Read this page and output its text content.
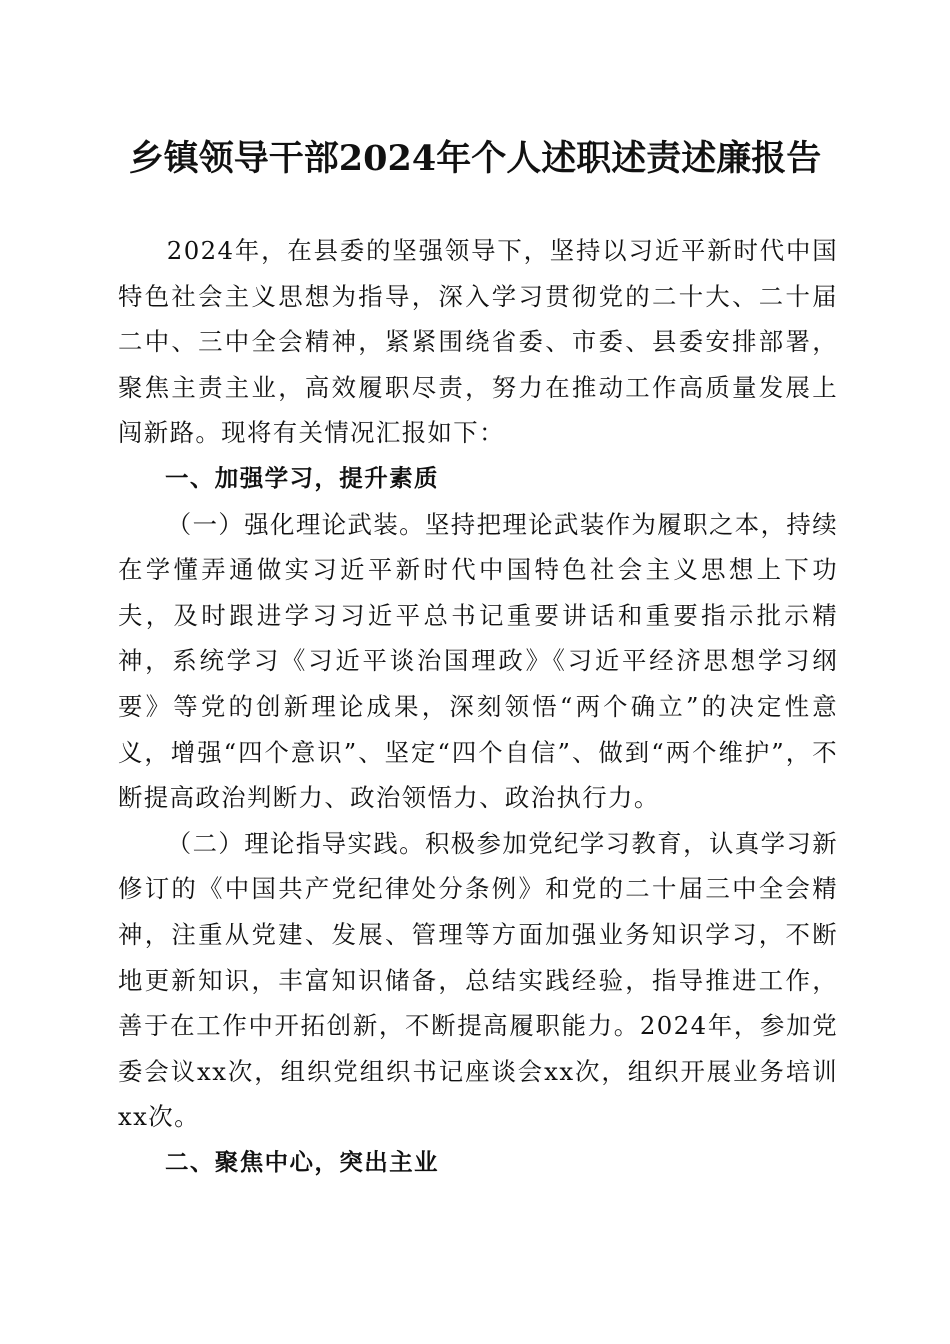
乡镇领导干部2024年个人述职述责述廉报告

2024年，在县委的坚强领导下，坚持以习近平新时代中国特色社会主义思想为指导，深入学习贯彻党的二十大、二十届二中、三中全会精神，紧紧围绕省委、市委、县委安排部署，聚焦主责主业，高效履职尽责，努力在推动工作高质量发展上闯新路。现将有关情况汇报如下：

一、加强学习，提升素质

（一）强化理论武装。坚持把理论武装作为履职之本，持续在学懂弄通做实习近平新时代中国特色社会主义思想上下功夫，及时跟进学习习近平总书记重要讲话和重要指示批示精神，系统学习《习近平谈治国理政》《习近平经济思想学习纲要》等党的创新理论成果，深刻领悟“两个确立”的决定性意义，增强“四个意识”、坚定“四个自信”、做到“两个维护”，不断提高政治判断力、政治领悟力、政治执行力。

（二）理论指导实践。积极参加党纪学习教育，认真学习新修订的《中国共产党纪律处分条例》和党的二十届三中全会精神，注重从党建、发展、管理等方面加强业务知识学习，不断地更新知识，丰富知识储备，总结实践经验，指导推进工作，善于在工作中开拓创新，不断提高履职能力。2024年，参加党委会议xx次，组织党组织书记座谈会xx次，组织开展业务培训xx次。

二、聚焦中心，突出主业
